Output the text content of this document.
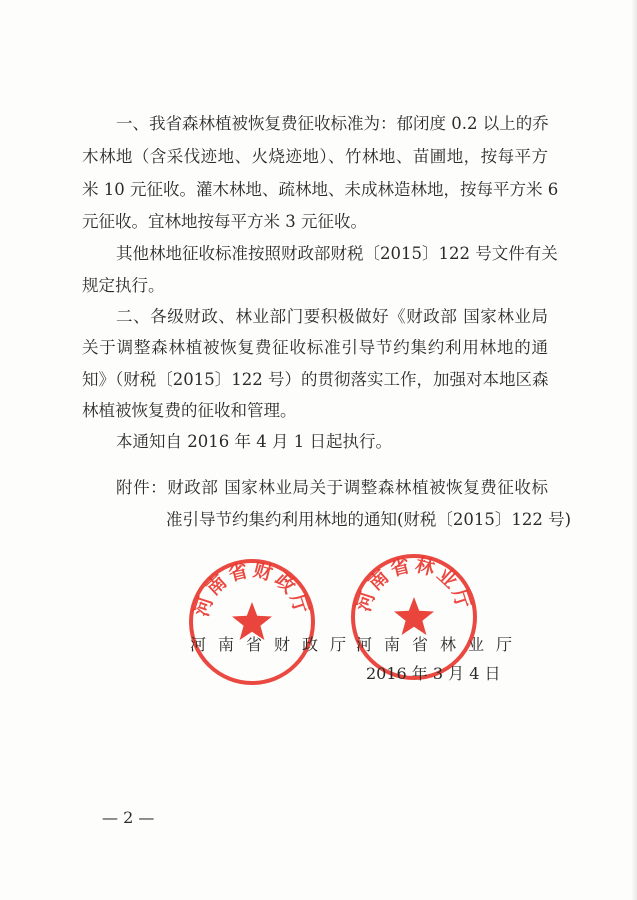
一、我省森林植被恢复费征收标准为：郁闭度 0.2 以上的乔
木林地（含采伐迹地、火烧迹地）、竹林地、苗圃地，按每平方
米 10 元征收。灌木林地、疏林地、未成林造林地，按每平方米 6
元征收。宜林地按每平方米 3 元征收。
其他林地征收标准按照财政部财税〔2015〕122 号文件有关
规定执行。
二、各级财政、林业部门要积极做好《财政部 国家林业局
关于调整森林植被恢复费征收标准引导节约集约利用林地的通
知》（财税〔2015〕122 号）的贯彻落实工作，加强对本地区森
林植被恢复费的征收和管理。
本通知自 2016 年 4 月 1 日起执行。
附件：财政部 国家林业局关于调整森林植被恢复费征收标
准引导节约集约利用林地的通知(财税〔2015〕122 号)
河南省财政厅 河南省林业厅
河南省财政厅
河南省林业厅
2016 年 3 月 4 日
— 2 —
